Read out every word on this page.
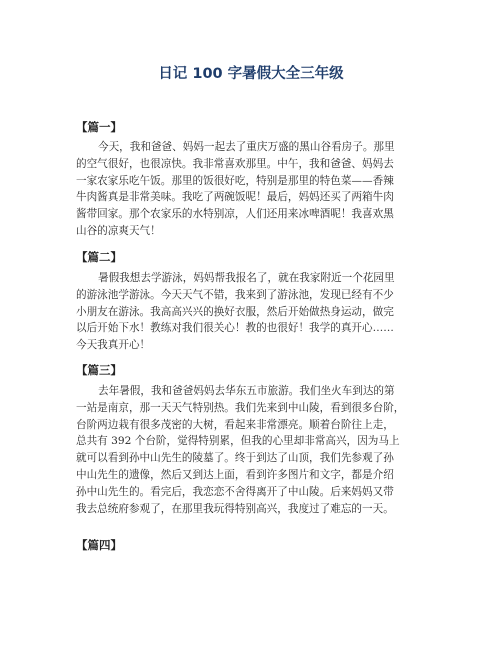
日记 100 字暑假大全三年级
【篇一】
今天，我和爸爸、妈妈一起去了重庆万盛的黑山谷看房子。那里
的空气很好，也很凉快。我非常喜欢那里。中午，我和爸爸、妈妈去
一家农家乐吃午饭。那里的饭很好吃，特别是那里的特色菜——香辣
牛肉酱真是非常美味。我吃了两碗饭呢！最后，妈妈还买了两箱牛肉
酱带回家。那个农家乐的水特别凉，人们还用来冰啤酒呢！我喜欢黑
山谷的凉爽天气！
【篇二】
暑假我想去学游泳，妈妈帮我报名了，就在我家附近一个花园里
的游泳池学游泳。今天天气不错，我来到了游泳池，发现已经有不少
小朋友在游泳。我高高兴兴的换好衣服，然后开始做热身运动，做完
以后开始下水！教练对我们很关心！教的也很好！我学的真开心……
今天我真开心！
【篇三】
去年暑假，我和爸爸妈妈去华东五市旅游。我们坐火车到达的第
一站是南京，那一天天气特别热。我们先来到中山陵，看到很多台阶，
台阶两边栽有很多茂密的大树，看起来非常漂亮。顺着台阶往上走，
总共有 392 个台阶，觉得特别累，但我的心里却非常高兴，因为马上
就可以看到孙中山先生的陵墓了。终于到达了山顶，我们先参观了孙
中山先生的遗像，然后又到达上面，看到许多图片和文字，都是介绍
孙中山先生的。看完后，我恋恋不舍得离开了中山陵。后来妈妈又带
我去总统府参观了，在那里我玩得特别高兴，我度过了难忘的一天。
【篇四】
